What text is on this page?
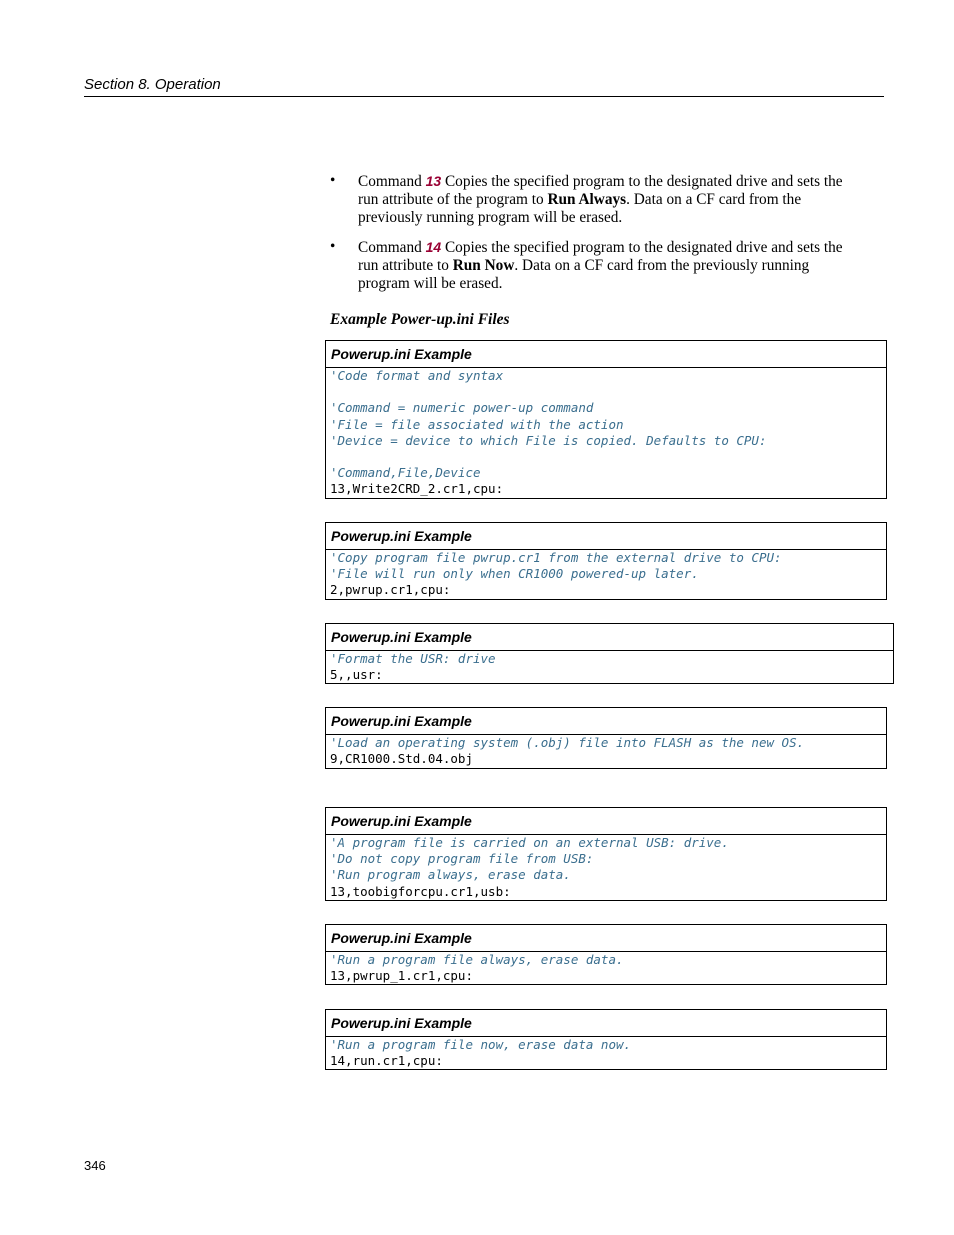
Section 8. Operation
• Command 13 Copies the specified program to the designated drive and sets the run attribute of the program to Run Always. Data on a CF card from the previously running program will be erased.
• Command 14 Copies the specified program to the designated drive and sets the run attribute to Run Now. Data on a CF card from the previously running program will be erased.
Example Power-up.ini Files
Powerup.ini Example
'Code format and syntax
'Command = numeric power-up command
'File = file associated with the action
'Device = device to which File is copied. Defaults to CPU:
'Command,File,Device
13,Write2CRD_2.cr1,cpu:
Powerup.ini Example
'Copy program file pwrup.cr1 from the external drive to CPU:
'File will run only when CR1000 powered-up later.
2,pwrup.cr1,cpu:
Powerup.ini Example
'Format the USR: drive
5,,usr:
Powerup.ini Example
'Load an operating system (.obj) file into FLASH as the new OS.
9,CR1000.Std.04.obj
Powerup.ini Example
'A program file is carried on an external USB: drive.
'Do not copy program file from USB:
'Run program always, erase data.
13,toobigforcpu.cr1,usb:
Powerup.ini Example
'Run a program file always, erase data.
13,pwrup_1.cr1,cpu:
Powerup.ini Example
'Run a program file now, erase data now.
14,run.cr1,cpu:
346
